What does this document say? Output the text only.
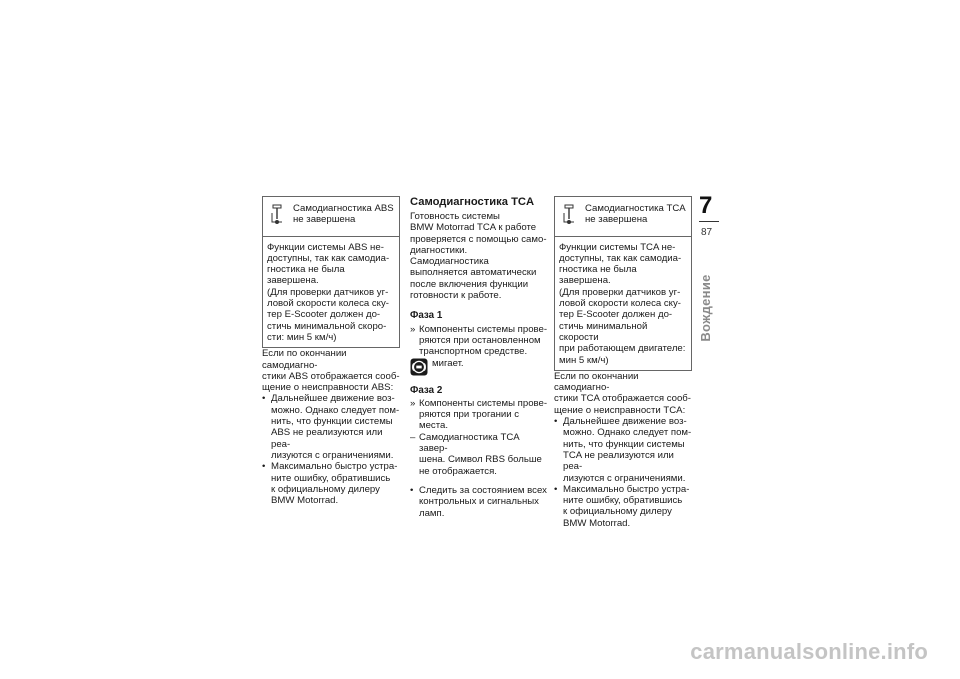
Самодиагностика ABS

не завершена

Функции системы ABS не-

доступны, так как самодиа-

гностика не была завершена.

(Для проверки датчиков уг-

ловой скорости колеса ску-

тер E-Scooter должен до-

стичь минимальной скоро-

сти: мин 5 км/ч)

Если по окончании самодиагно-

стики ABS отображается сооб-

щение о неисправности ABS:

• Дальнейшее движение воз-

можно. Однако следует пом-

нить, что функции системы

ABS не реализуются или реа-

лизуются с ограничениями.

• Максимально быстро устра-

ните ошибку, обратившись

к официальному дилеру

BMW Motorrad.

Самодиагностика TCA

Готовность системы

BMW Motorrad TCA к работе

проверяется с помощью само-

диагностики. Самодиагностика

выполняется автоматически

после включения функции

готовности к работе.

Фаза 1

» Компоненты системы прове-

ряются при остановленном

транспортном средстве.

мигает.

Фаза 2

» Компоненты системы прове-

ряются при трогании с места.

– Самодиагностика TCA завер-

шена. Символ RBS больше

не отображается.

• Следить за состоянием всех

контрольных и сигнальных

ламп.

Самодиагностика TCA

не завершена

Функции системы TCA не-

доступны, так как самодиа-

гностика не была завершена.

(Для проверки датчиков уг-

ловой скорости колеса ску-

тер E-Scooter должен до-

стичь минимальной скорости

при работающем двигателе:

мин 5 км/ч)

Если по окончании самодиагно-

стики TCA отображается сооб-

щение о неисправности TCA:

• Дальнейшее движение воз-

можно. Однако следует пом-

нить, что функции системы

TCA не реализуются или реа-

лизуются с ограничениями.

• Максимально быстро устра-

ните ошибку, обратившись

к официальному дилеру

BMW Motorrad.

7
87
Вождение
carmanualsonline.info
